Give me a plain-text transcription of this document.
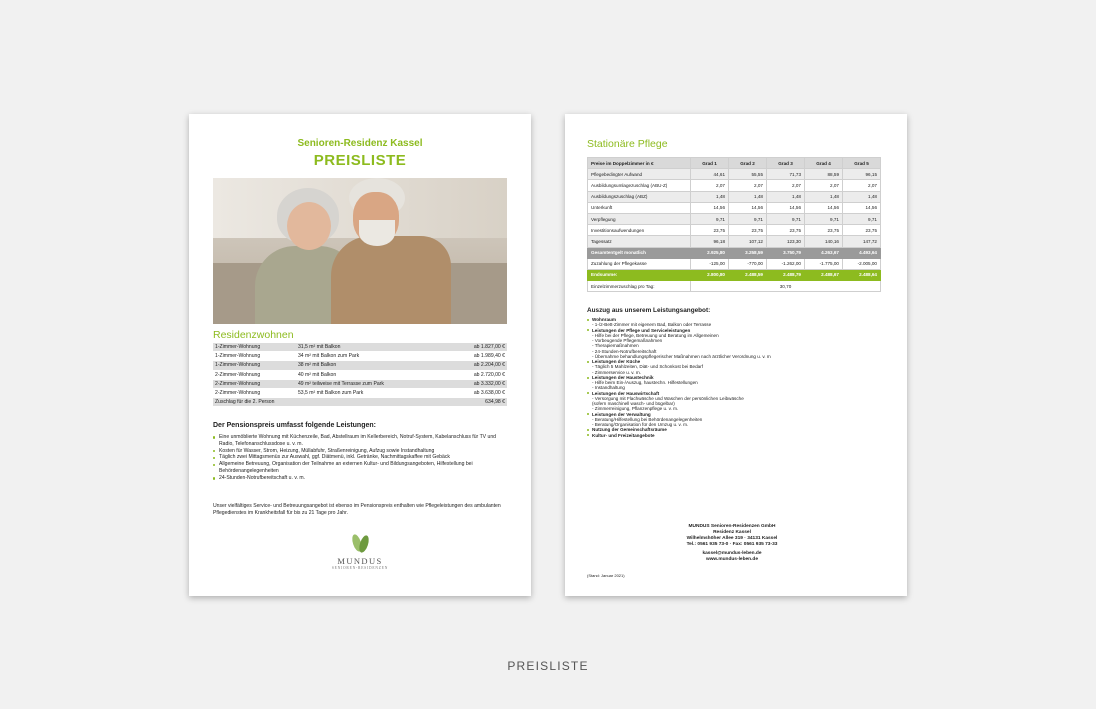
Senioren-Residenz Kassel
PREISLISTE
Residenzwohnen
1-Zimmer-Wohnung	31,5 m² mit Balkon	ab 1.827,00 €
1-Zimmer-Wohnung	34 m² mit Balkon zum Park	ab 1.989,40 €
1-Zimmer-Wohnung	38 m² mit Balkon	ab 2.204,00 €
2-Zimmer-Wohnung	40 m² mit Balkon	ab 2.720,00 €
2-Zimmer-Wohnung	49 m² teilweise mit Terrasse zum Park	ab 3.332,00 €
2-Zimmer-Wohnung	53,5 m² mit Balkon zum Park	ab 3.638,00 €
Zuschlag für die 2. Person		634,98 €
Der Pensionspreis umfasst folgende Leistungen:
Eine unmöblierte Wohnung mit Küchenzeile, Bad, Abstellraum im Kellerbereich, Notruf-System, Kabelanschluss für TV und Radio, Telefonanschlussdose u. v. m.
Kosten für Wasser, Strom, Heizung, Müllabfuhr, Straßenreinigung, Aufzug sowie Instandhaltung
Täglich zwei Mittagsmenüs zur Auswahl, ggf. Diätmenü, inkl. Getränke, Nachmittagskaffee mit Gebäck
Allgemeine Betreuung, Organisation der Teilnahme an externen Kultur- und Bildungsangeboten, Hilfestellung bei Behördenangelegenheiten
24-Stunden-Notrufbereitschaft u. v. m.
Unser vielfältiges Service- und Betreuungsangebot ist ebenso im Pensionspreis enthalten wie Pflegeleistungen des ambulanten Pflegedienstes im Krankheitsfall für bis zu 21 Tage pro Jahr.
MUNDUS
SENIOREN-RESIDENZEN
Stationäre Pflege
Preise im Doppelzimmer in €	Grad 1	Grad 2	Grad 3	Grad 4	Grad 5
Pflegebedingter Aufwand	44,61	55,55	71,73	88,59	96,15
Ausbildungsumlagezuschlag (ABU-Z)	2,07	2,07	2,07	2,07	2,07
Ausbildungszuschlag (ABZ)	1,48	1,48	1,48	1,48	1,48
Unterkunft	14,56	14,56	14,56	14,56	14,56
Verpflegung	9,71	9,71	9,71	9,71	9,71
Investitionsaufwendungen	23,75	23,75	23,75	23,75	23,75
Tagessatz	96,18	107,12	123,30	140,16	147,72
Gesamtentgelt monatlich	2.925,80	3.258,59	3.750,79	4.263,67	4.493,64
Zuzahlung der Pflegekasse	-125,00	-770,00	-1.262,00	-1.775,00	-2.005,00
Endsumme:	2.800,80	2.488,59	2.488,79	2.488,67	2.488,64
Einzelzimmerzuschlag pro Tag:	30,70				
Auszug aus unserem Leistungsangebot:
Wohnraum
- 1-/2-Bett-Zimmer mit eigenem Bad, Balkon oder Terrasse
Leistungen der Pflege und Serviceleistungen
- Hilfe bei der Pflege, Betreuung und Beratung im Allgemeinen
- Vorbeugende Pflegemaßnahmen
- Therapiemaßnahmen
- 24-Stunden-Notrufbereitschaft
- Übernahme behandlungspflegerischer Maßnahmen nach ärztlicher Verordnung u. v. m
Leistungen der Küche
- Täglich 5 Mahlzeiten, Diät- und Schonkost bei Bedarf
- Zimmerservice u. v. m.
Leistungen der Haustechnik
- Hilfe beim Ein-/Auszug, haustechn. Hilfestellungen
- Instandhaltung
Leistungen der Hauswirtschaft
- Versorgung mit Flachwäsche und Waschen der persönlichen Leibwäsche
(sofern maschinell wasch- und bügelbar)
- Zimmerreinigung, Pflanzenpflege u. v. m.
Leistungen der Verwaltung
- Beratung/Hilfestellung bei Behördenangelegenheiten
- Beratung/Organisation für den Umzug u. v. m.
Nutzung der Gemeinschaftsräume
Kultur- und Freizeitangebote
MUNDUS Senioren-Residenzen GmbH
Residenz Kassel
Wilhelmshöher Allee 319 · 34131 Kassel
Tel.: 0561 935 73-0 · Fax: 0561 935 73-33
kassel@mundus-leben.de
www.mundus-leben.de
(Stand: Januar 2021)
PREISLISTE
